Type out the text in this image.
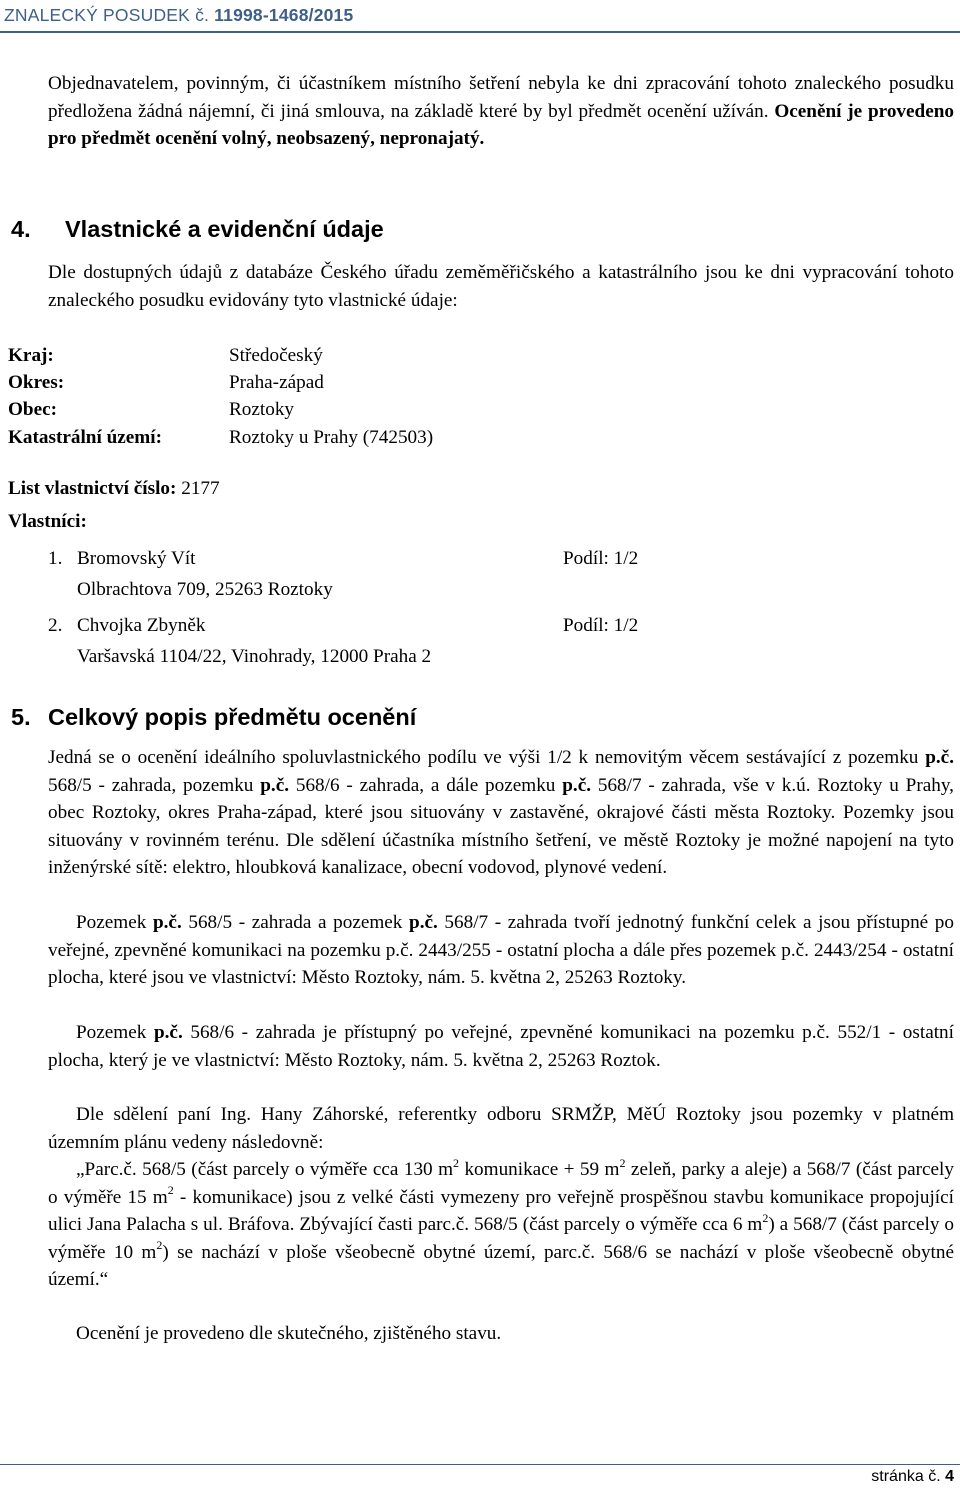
ZNALECKÝ POSUDEK č. 11998-1468/2015

Objednavatelem, povinným, či účastníkem místního šetření nebyla ke dni zpracování tohoto znaleckého posudku předložena žádná nájemní, či jiná smlouva, na základě které by byl předmět ocenění užíván. Ocenění je provedeno pro předmět ocenění volný, neobsazený, nepronajatý.

4. Vlastnické a evidenční údaje

Dle dostupných údajů z databáze Českého úřadu zeměměřičského a katastrálního jsou ke dni vypracování tohoto znaleckého posudku evidovány tyto vlastnické údaje:

Kraj:	Středočeský
Okres:	Praha-západ
Obec:	Roztoky
Katastrální území:	Roztoky u Prahy (742503)
List vlastnictví číslo: 2177
Vlastníci:
1. Bromovský Vít	Podíl: 1/2
Olbrachtova 709, 25263 Roztoky
2. Chvojka Zbyněk	Podíl: 1/2
Varšavská 1104/22, Vinohrady, 12000 Praha 2
5. Celkový popis předmětu ocenění

Jedná se o ocenění ideálního spoluvlastnického podílu ve výši 1/2 k nemovitým věcem sestávající z pozemku p.č. 568/5 - zahrada, pozemku p.č. 568/6 - zahrada, a dále pozemku p.č. 568/7 - zahrada, vše v k.ú. Roztoky u Prahy, obec Roztoky, okres Praha-západ, které jsou situovány v zastavěné, okrajové části města Roztoky. Pozemky jsou situovány v rovinném terénu. Dle sdělení účastníka místního šetření, ve městě Roztoky je možné napojení na tyto inženýrské sítě: elektro, hloubková kanalizace, obecní vodovod, plynové vedení.

Pozemek p.č. 568/5 - zahrada a pozemek p.č. 568/7 - zahrada tvoří jednotný funkční celek a jsou přístupné po veřejné, zpevněné komunikaci na pozemku p.č. 2443/255 - ostatní plocha a dále přes pozemek p.č. 2443/254 - ostatní plocha, které jsou ve vlastnictví: Město Roztoky, nám. 5. května 2, 25263 Roztoky.

Pozemek p.č. 568/6 - zahrada je přístupný po veřejné, zpevněné komunikaci na pozemku p.č. 552/1 - ostatní plocha, který je ve vlastnictví: Město Roztoky, nám. 5. května 2, 25263 Roztok.

Dle sdělení paní Ing. Hany Záhorské, referentky odboru SRMŽP, MěÚ Roztoky jsou pozemky v platném územním plánu vedeny následovně:

„Parc.č. 568/5 (část parcely o výměře cca 130 $m^2$ komunikace + 59 $m^2$ zeleň, parky a aleje) a 568/7 (část parcely o výměře 15 $m^2$ - komunikace) jsou z velké části vymezeny pro veřejně prospěšnou stavbu komunikace propojující ulici Jana Palacha s ul. Bráfova. Zbývající časti parc.č. 568/5 (část parcely o výměře cca 6 $m^2$) a 568/7 (část parcely o výměře 10 $m^2$) se nachází v ploše všeobecně obytné území, parc.č. 568/6 se nachází v ploše všeobecně obytné území.“

Ocenění je provedeno dle skutečného, zjištěného stavu.

stránka č. 4
